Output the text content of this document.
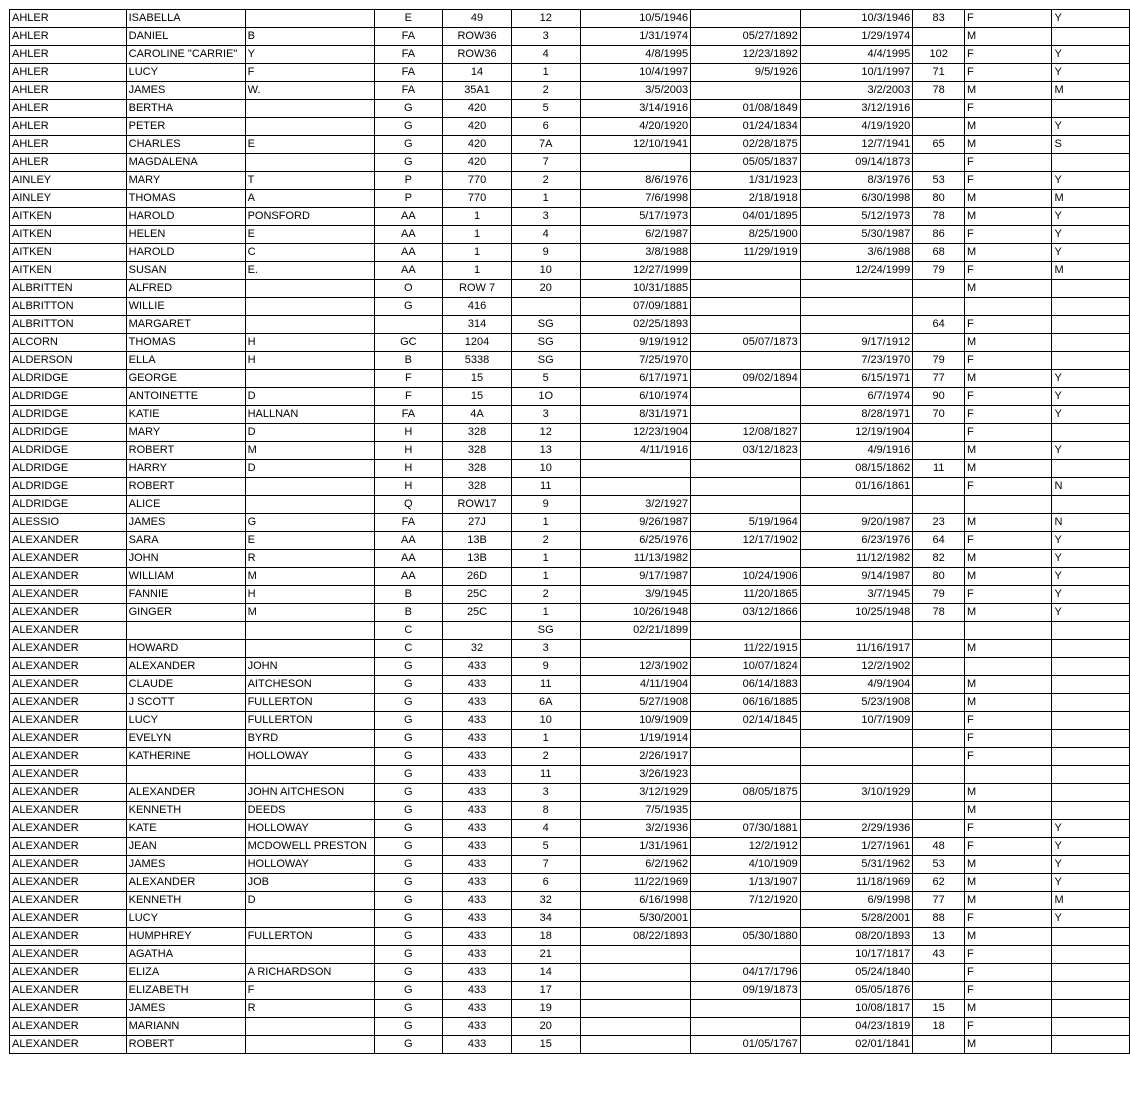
AHLER	ISABELLA		E	49	12	10/5/1946		10/3/1946	83	F	Y
AHLER	DANIEL	B	FA	ROW36	3	1/31/1974	05/27/1892	1/29/1974		M	
AHLER	CAROLINE "CARRIE"	Y	FA	ROW36	4	4/8/1995	12/23/1892	4/4/1995	102	F	Y
AHLER	LUCY	F	FA	14	1	10/4/1997	9/5/1926	10/1/1997	71	F	Y
AHLER	JAMES	W.	FA	35A1	2	3/5/2003		3/2/2003	78	M	M
AHLER	BERTHA		G	420	5	3/14/1916	01/08/1849	3/12/1916		F	
AHLER	PETER		G	420	6	4/20/1920	01/24/1834	4/19/1920		M	Y
AHLER	CHARLES	E	G	420	7A	12/10/1941	02/28/1875	12/7/1941	65	M	S
AHLER	MAGDALENA		G	420	7		05/05/1837	09/14/1873		F	
AINLEY	MARY	T	P	770	2	8/6/1976	1/31/1923	8/3/1976	53	F	Y
AINLEY	THOMAS	A	P	770	1	7/6/1998	2/18/1918	6/30/1998	80	M	M
AITKEN	HAROLD	PONSFORD	AA	1	3	5/17/1973	04/01/1895	5/12/1973	78	M	Y
AITKEN	HELEN	E	AA	1	4	6/2/1987	8/25/1900	5/30/1987	86	F	Y
AITKEN	HAROLD	C	AA	1	9	3/8/1988	11/29/1919	3/6/1988	68	M	Y
AITKEN	SUSAN	E.	AA	1	10	12/27/1999		12/24/1999	79	F	M
ALBRITTEN	ALFRED		O	ROW 7	20	10/31/1885				M	
ALBRITTON	WILLIE		G	416		07/09/1881					
ALBRITTON	MARGARET			314	SG	02/25/1893			64	F	
ALCORN	THOMAS	H	GC	1204	SG	9/19/1912	05/07/1873	9/17/1912		M	
ALDERSON	ELLA	H	B	5338	SG	7/25/1970		7/23/1970	79	F	
ALDRIDGE	GEORGE		F	15	5	6/17/1971	09/02/1894	6/15/1971	77	M	Y
ALDRIDGE	ANTOINETTE	D	F	15	1O	6/10/1974		6/7/1974	90	F	Y
ALDRIDGE	KATIE	HALLNAN	FA	4A	3	8/31/1971		8/28/1971	70	F	Y
ALDRIDGE	MARY	D	H	328	12	12/23/1904	12/08/1827	12/19/1904		F	
ALDRIDGE	ROBERT	M	H	328	13	4/11/1916	03/12/1823	4/9/1916		M	Y
ALDRIDGE	HARRY	D	H	328	10			08/15/1862	11	M	
ALDRIDGE	ROBERT		H	328	11			01/16/1861		F	N
ALDRIDGE	ALICE		Q	ROW17	9	3/2/1927					
ALESSIO	JAMES	G	FA	27J	1	9/26/1987	5/19/1964	9/20/1987	23	M	N
ALEXANDER	SARA	E	AA	13B	2	6/25/1976	12/17/1902	6/23/1976	64	F	Y
ALEXANDER	JOHN	R	AA	13B	1	11/13/1982		11/12/1982	82	M	Y
ALEXANDER	WILLIAM	M	AA	26D	1	9/17/1987	10/24/1906	9/14/1987	80	M	Y
ALEXANDER	FANNIE	H	B	25C	2	3/9/1945	11/20/1865	3/7/1945	79	F	Y
ALEXANDER	GINGER	M	B	25C	1	10/26/1948	03/12/1866	10/25/1948	78	M	Y
ALEXANDER			C		SG	02/21/1899					
ALEXANDER	HOWARD		C	32	3		11/22/1915	11/16/1917		M	
ALEXANDER	ALEXANDER	JOHN	G	433	9	12/3/1902	10/07/1824	12/2/1902			
ALEXANDER	CLAUDE	AITCHESON	G	433	11	4/11/1904	06/14/1883	4/9/1904		M	
ALEXANDER	J SCOTT	FULLERTON	G	433	6A	5/27/1908	06/16/1885	5/23/1908		M	
ALEXANDER	LUCY	FULLERTON	G	433	10	10/9/1909	02/14/1845	10/7/1909		F	
ALEXANDER	EVELYN	BYRD	G	433	1	1/19/1914				F	
ALEXANDER	KATHERINE	HOLLOWAY	G	433	2	2/26/1917				F	
ALEXANDER			G	433	11	3/26/1923					
ALEXANDER	ALEXANDER	JOHN AITCHESON	G	433	3	3/12/1929	08/05/1875	3/10/1929		M	
ALEXANDER	KENNETH	DEEDS	G	433	8	7/5/1935				M	
ALEXANDER	KATE	HOLLOWAY	G	433	4	3/2/1936	07/30/1881	2/29/1936		F	Y
ALEXANDER	JEAN	MCDOWELL PRESTON	G	433	5	1/31/1961	12/2/1912	1/27/1961	48	F	Y
ALEXANDER	JAMES	HOLLOWAY	G	433	7	6/2/1962	4/10/1909	5/31/1962	53	M	Y
ALEXANDER	ALEXANDER	JOB	G	433	6	11/22/1969	1/13/1907	11/18/1969	62	M	Y
ALEXANDER	KENNETH	D	G	433	32	6/16/1998	7/12/1920	6/9/1998	77	M	M
ALEXANDER	LUCY		G	433	34	5/30/2001		5/28/2001	88	F	Y
ALEXANDER	HUMPHREY	FULLERTON	G	433	18	08/22/1893	05/30/1880	08/20/1893	13	M	
ALEXANDER	AGATHA		G	433	21			10/17/1817	43	F	
ALEXANDER	ELIZA	A RICHARDSON	G	433	14		04/17/1796	05/24/1840		F	
ALEXANDER	ELIZABETH	F	G	433	17		09/19/1873	05/05/1876		F	
ALEXANDER	JAMES	R	G	433	19			10/08/1817	15	M	
ALEXANDER	MARIANN		G	433	20			04/23/1819	18	F	
ALEXANDER	ROBERT		G	433	15		01/05/1767	02/01/1841		M	
